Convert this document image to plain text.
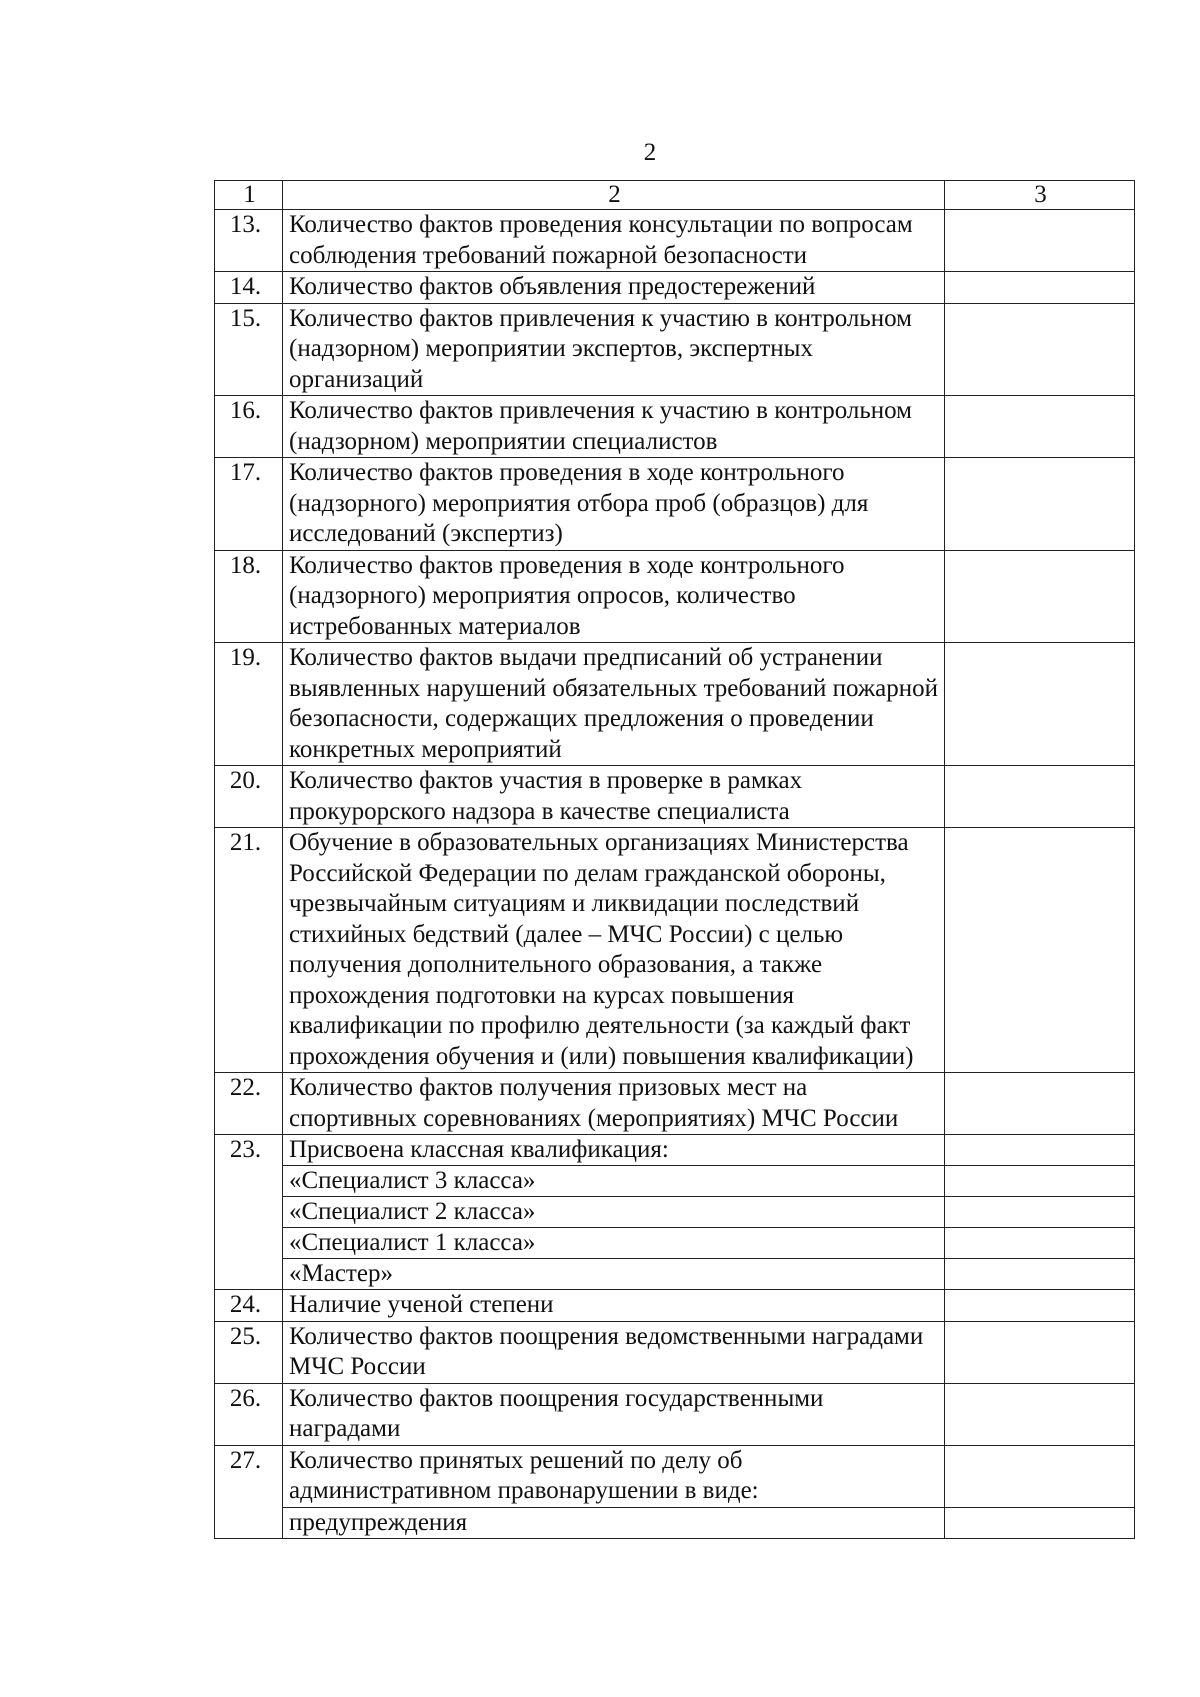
2
1	2	3
13.	Количество фактов проведения консультации по вопросам соблюдения требований пожарной безопасности	
14.	Количество фактов объявления предостережений	
15.	Количество фактов привлечения к участию в контрольном (надзорном) мероприятии экспертов, экспертных организаций	
16.	Количество фактов привлечения к участию в контрольном (надзорном) мероприятии специалистов	
17.	Количество фактов проведения в ходе контрольного (надзорного) мероприятия отбора проб (образцов) для исследований (экспертиз)	
18.	Количество фактов проведения в ходе контрольного (надзорного) мероприятия опросов, количество истребованных материалов	
19.	Количество фактов выдачи предписаний об устранении выявленных нарушений обязательных требований пожарной безопасности, содержащих предложения о проведении конкретных мероприятий	
20.	Количество фактов участия в проверке в рамках прокурорского надзора в качестве специалиста	
21.	Обучение в образовательных организациях Министерства Российской Федерации по делам гражданской обороны, чрезвычайным ситуациям и ликвидации последствий стихийных бедствий (далее – МЧС России) с целью получения дополнительного образования, а также прохождения подготовки на курсах повышения квалификации по профилю деятельности (за каждый факт прохождения обучения и (или) повышения квалификации)	
22.	Количество фактов получения призовых мест на спортивных соревнованиях (мероприятиях) МЧС России	
23.	Присвоена классная квалификация:	
	«Специалист 3 класса»	
	«Специалист 2 класса»	
	«Специалист 1 класса»	
	«Мастер»	
24.	Наличие ученой степени	
25.	Количество фактов поощрения ведомственными наградами МЧС России	
26.	Количество фактов поощрения государственными наградами	
27.	Количество принятых решений по делу об административном правонарушении в виде:	
	предупреждения	
